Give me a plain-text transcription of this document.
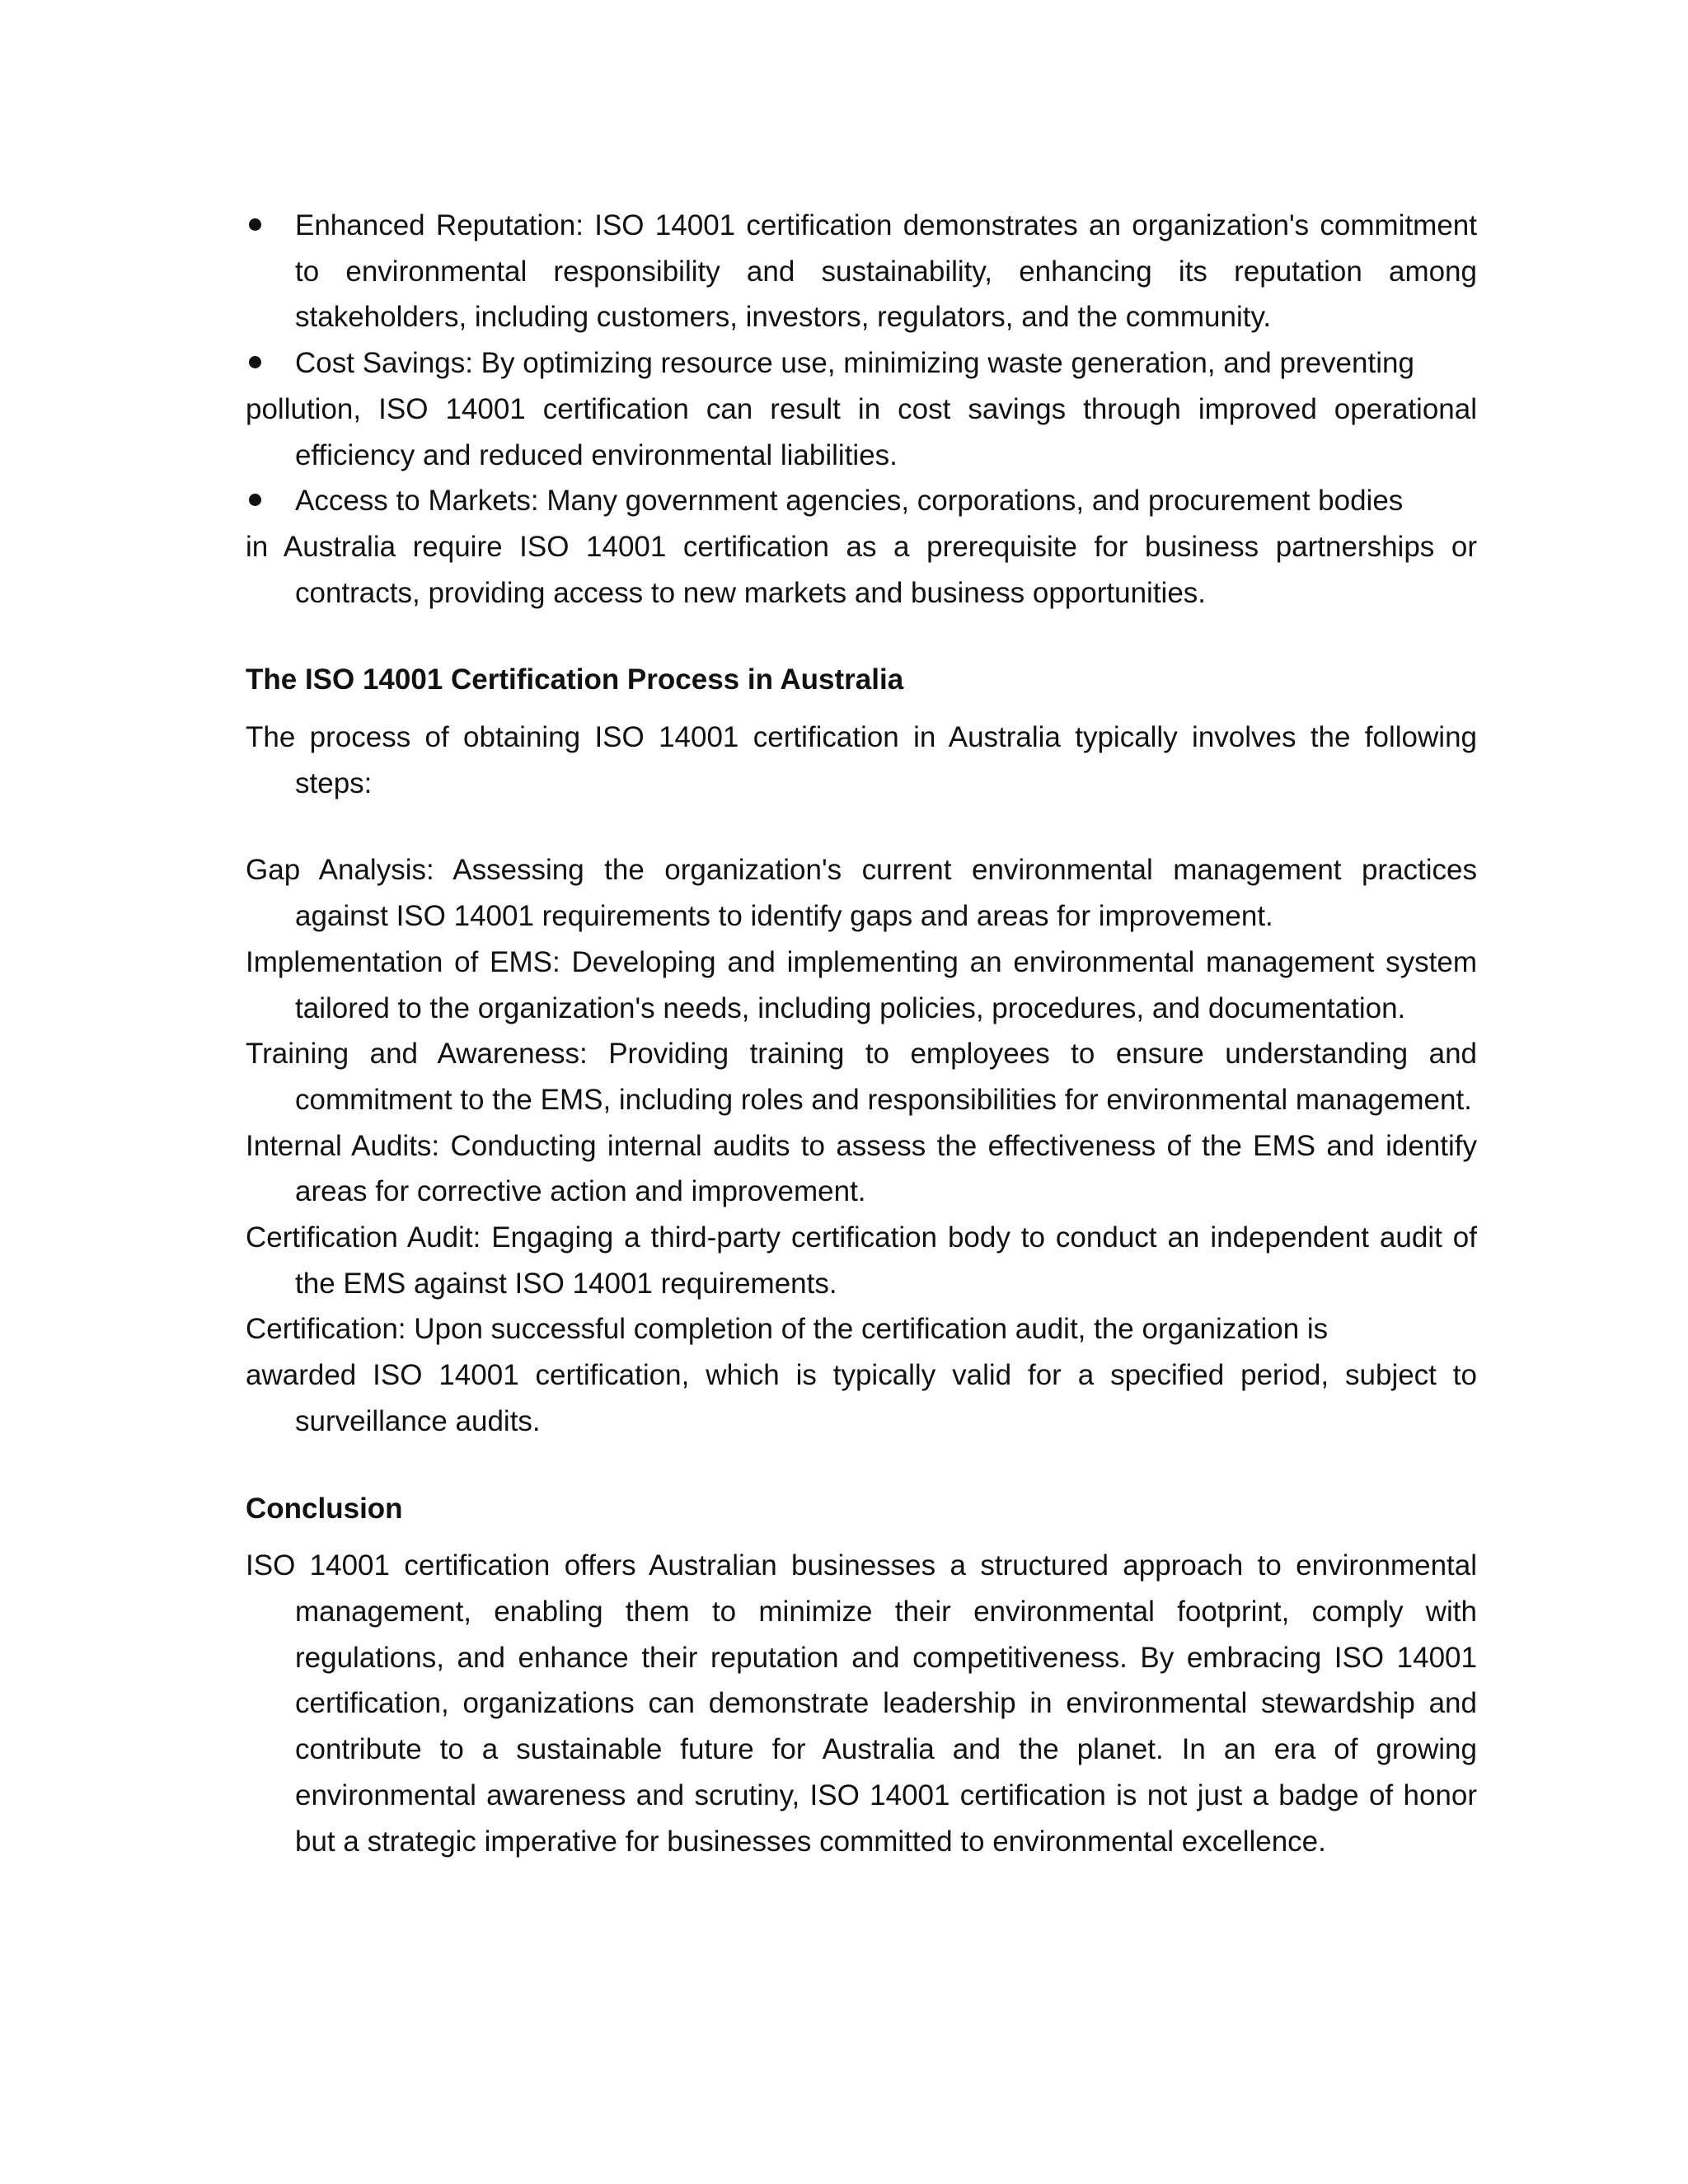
Enhanced Reputation: ISO 14001 certification demonstrates an organization's commitment to environmental responsibility and sustainability, enhancing its reputation among stakeholders, including customers, investors, regulators, and the community.
Cost Savings: By optimizing resource use, minimizing waste generation, and preventing
pollution, ISO 14001 certification can result in cost savings through improved operational efficiency and reduced environmental liabilities.
Access to Markets: Many government agencies, corporations, and procurement bodies
in Australia require ISO 14001 certification as a prerequisite for business partnerships or contracts, providing access to new markets and business opportunities.

The ISO 14001 Certification Process in Australia

The process of obtaining ISO 14001 certification in Australia typically involves the following steps:

Gap Analysis: Assessing the organization's current environmental management practices against ISO 14001 requirements to identify gaps and areas for improvement.

Implementation of EMS: Developing and implementing an environmental management system tailored to the organization's needs, including policies, procedures, and documentation.

Training and Awareness: Providing training to employees to ensure understanding and commitment to the EMS, including roles and responsibilities for environmental management.

Internal Audits: Conducting internal audits to assess the effectiveness of the EMS and identify areas for corrective action and improvement.

Certification Audit: Engaging a third-party certification body to conduct an independent audit of the EMS against ISO 14001 requirements.

Certification: Upon successful completion of the certification audit, the organization is

awarded ISO 14001 certification, which is typically valid for a specified period, subject to surveillance audits.

Conclusion

ISO 14001 certification offers Australian businesses a structured approach to environmental management, enabling them to minimize their environmental footprint, comply with regulations, and enhance their reputation and competitiveness. By embracing ISO 14001 certification, organizations can demonstrate leadership in environmental stewardship and contribute to a sustainable future for Australia and the planet. In an era of growing environmental awareness and scrutiny, ISO 14001 certification is not just a badge of honor but a strategic imperative for businesses committed to environmental excellence.
